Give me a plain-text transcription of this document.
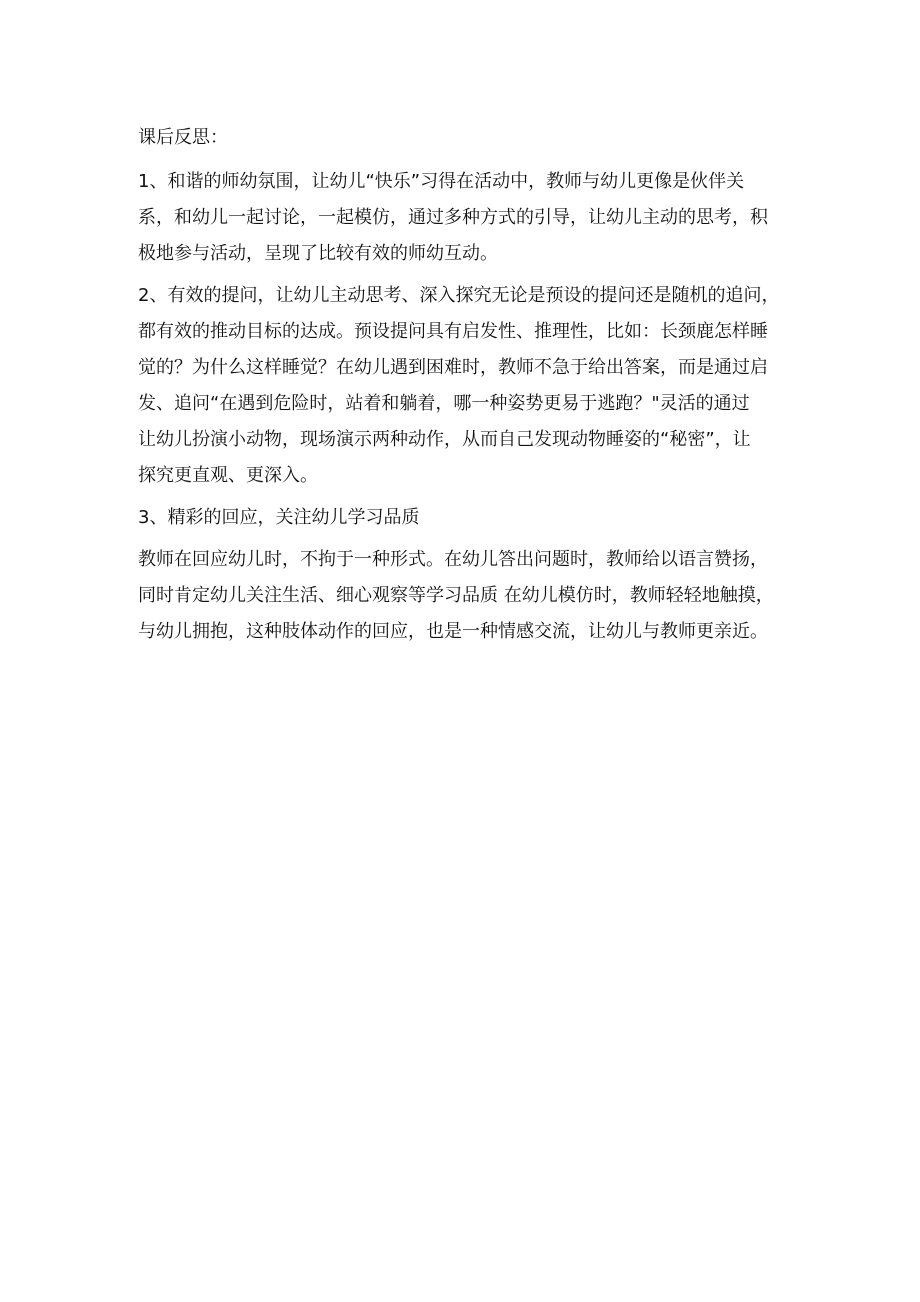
课后反思：
1、和谐的师幼氛围，让幼儿“快乐”习得在活动中，教师与幼儿更像是伙伴关
系，和幼儿一起讨论，一起模仿，通过多种方式的引导，让幼儿主动的思考，积
极地参与活动，呈现了比较有效的师幼互动。
2、有效的提问，让幼儿主动思考、深入探究无论是预设的提问还是随机的追问，
都有效的推动目标的达成。预设提问具有启发性、推理性，比如：长颈鹿怎样睡
觉的？为什么这样睡觉？在幼儿遇到困难时，教师不急于给出答案，而是通过启
发、追问“在遇到危险时，站着和躺着，哪一种姿势更易于逃跑？"灵活的通过
让幼儿扮演小动物，现场演示两种动作，从而自己发现动物睡姿的“秘密”，让
探究更直观、更深入。
3、精彩的回应，关注幼儿学习品质
教师在回应幼儿时，不拘于一种形式。在幼儿答出问题时，教师给以语言赞扬，
同时肯定幼儿关注生活、细心观察等学习品质 在幼儿模仿时，教师轻轻地触摸，
与幼儿拥抱，这种肢体动作的回应，也是一种情感交流，让幼儿与教师更亲近。
